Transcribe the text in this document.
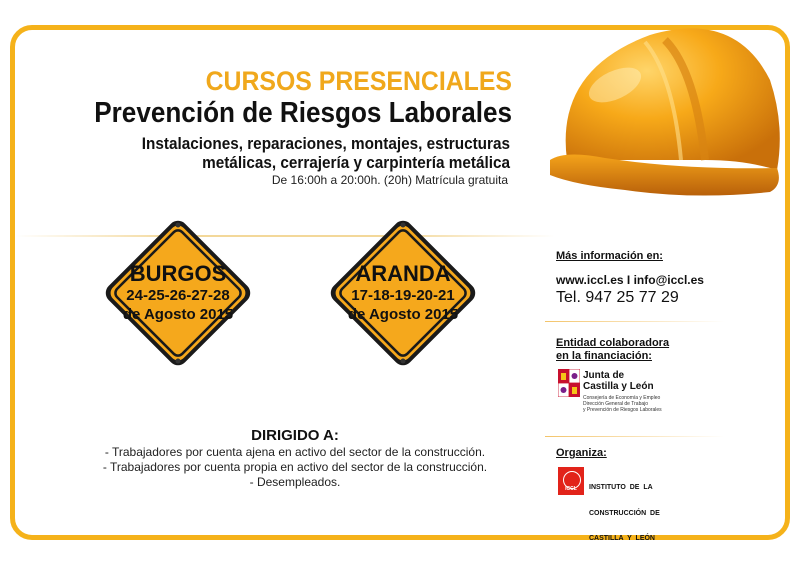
CURSOS PRESENCIALES
Prevención de Riesgos Laborales
Instalaciones, reparaciones, montajes, estructuras
metálicas, cerrajería y carpintería metálica
De 16:00h a 20:00h. (20h) Matrícula gratuita
BURGOS
24-25-26-27-28
de Agosto 2015
ARANDA
17-18-19-20-21
de Agosto 2015
DIRIGIDO A:
- Trabajadores por cuenta ajena en activo del sector de la construcción.
- Trabajadores por cuenta propia en activo del sector de la construcción.
- Desempleados.
Más información en:
www.iccl.es I info@iccl.es
Tel. 947 25 77 29
Entidad colaboradora
en la financiación:
Junta de
Castilla y León
Consejería de Economía y Empleo
Dirección General de Trabajo
y Prevención de Riesgos Laborales
Organiza:
ICCL

	INSTITUTO  DE  LA

CONSTRUCCIÓN  DE

CASTILLA  Y  LEÓN
